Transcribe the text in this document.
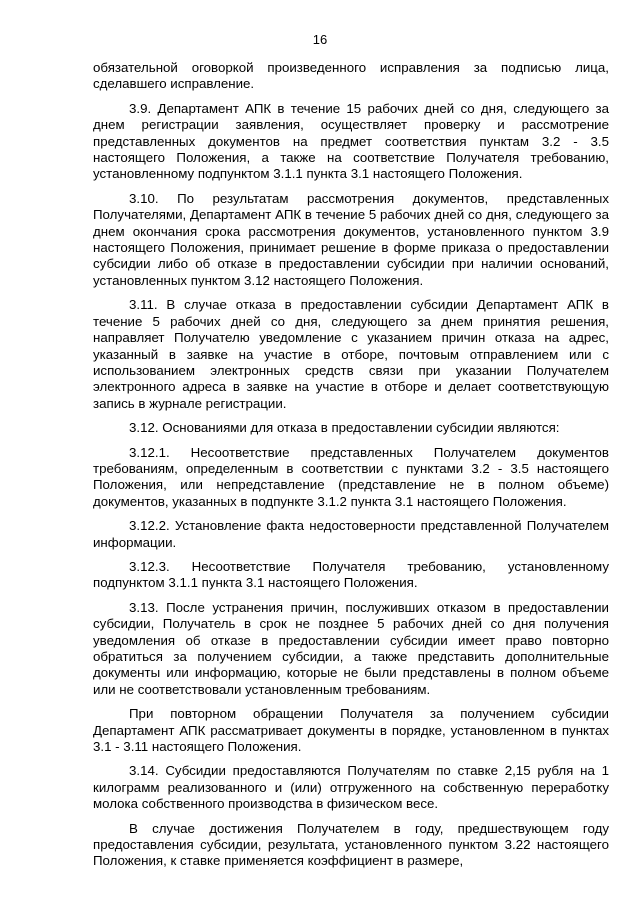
16

обязательной оговоркой произведенного исправления за подписью лица, сделавшего исправление.

3.9. Департамент АПК в течение 15 рабочих дней со дня, следующего за днем регистрации заявления, осуществляет проверку и рассмотрение представленных документов на предмет соответствия пунктам 3.2 - 3.5 настоящего Положения, а также на соответствие Получателя требованию, установленному подпунктом 3.1.1 пункта 3.1 настоящего Положения.

3.10. По результатам рассмотрения документов, представленных Получателями, Департамент АПК в течение 5 рабочих дней со дня, следующего за днем окончания срока рассмотрения документов, установленного пунктом 3.9 настоящего Положения, принимает решение в форме приказа о предоставлении субсидии либо об отказе в предоставлении субсидии при наличии оснований, установленных пунктом 3.12 настоящего Положения.

3.11. В случае отказа в предоставлении субсидии Департамент АПК в течение 5 рабочих дней со дня, следующего за днем принятия решения, направляет Получателю уведомление с указанием причин отказа на адрес, указанный в заявке на участие в отборе, почтовым отправлением или с использованием электронных средств связи при указании Получателем электронного адреса в заявке на участие в отборе и делает соответствующую запись в журнале регистрации.

3.12. Основаниями для отказа в предоставлении субсидии являются:

3.12.1. Несоответствие представленных Получателем документов требованиям, определенным в соответствии с пунктами 3.2 - 3.5 настоящего Положения, или непредставление (представление не в полном объеме) документов, указанных в подпункте 3.1.2 пункта 3.1 настоящего Положения.

3.12.2. Установление факта недостоверности представленной Получателем информации.

3.12.3. Несоответствие Получателя требованию, установленному подпунктом 3.1.1 пункта 3.1 настоящего Положения.

3.13. После устранения причин, послуживших отказом в предоставлении субсидии, Получатель в срок не позднее 5 рабочих дней со дня получения уведомления об отказе в предоставлении субсидии имеет право повторно обратиться за получением субсидии, а также представить дополнительные документы или информацию, которые не были представлены в полном объеме или не соответствовали установленным требованиям.

При повторном обращении Получателя за получением субсидии Департамент АПК рассматривает документы в порядке, установленном в пунктах 3.1 - 3.11 настоящего Положения.

3.14. Субсидии предоставляются Получателям по ставке 2,15 рубля на 1 килограмм реализованного и (или) отгруженного на собственную переработку молока собственного производства в физическом весе.

В случае достижения Получателем в году, предшествующем году предоставления субсидии, результата, установленного пунктом 3.22 настоящего Положения, к ставке применяется коэффициент в размере,
